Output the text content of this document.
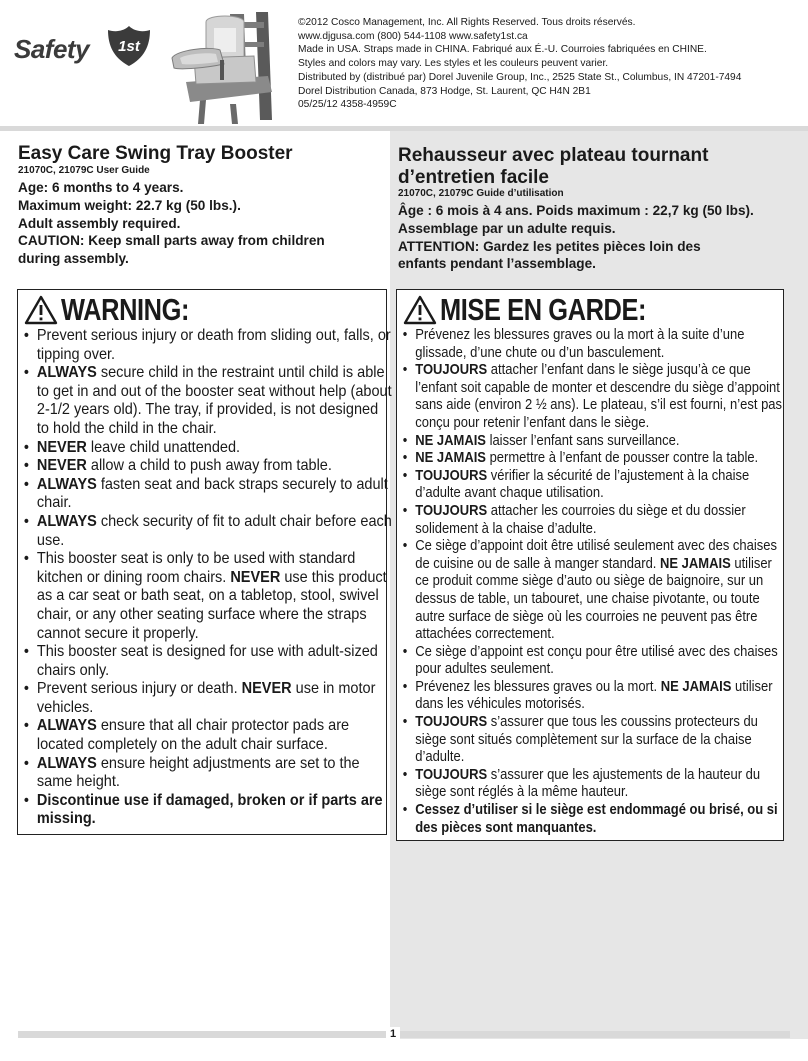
Safety 1st
©2012 Cosco Management, Inc. All Rights Reserved. Tous droits réservés.
www.djgusa.com (800) 544-1108 www.safety1st.ca
Made in USA. Straps made in CHINA. Fabriqué aux É.-U. Courroies fabriquées en CHINE.
Styles and colors may vary. Les styles et les couleurs peuvent varier.
Distributed by (distribué par) Dorel Juvenile Group, Inc., 2525 State St., Columbus, IN 47201-7494
Dorel Distribution Canada, 873 Hodge, St. Laurent, QC H4N 2B1
05/25/12 4358-4959C
Easy Care Swing Tray Booster
21070C, 21079C User Guide
Age: 6 months to 4 years.
Maximum weight: 22.7 kg (50 lbs.).
Adult assembly required.
CAUTION: Keep small parts away from children
during assembly.
Rehausseur avec plateau tournant d’entretien facile
21070C, 21079C Guide d’utilisation
Âge : 6 mois à 4 ans. Poids maximum : 22,7 kg (50 lbs).
Assemblage par un adulte requis.
ATTENTION: Gardez les petites pièces loin des
enfants pendant l’assemblage.
WARNING:
• Prevent serious injury or death from sliding out, falls, or tipping over.
• ALWAYS secure child in the restraint until child is able to get in and out of the booster seat without help (about 2-1/2 years old). The tray, if provided, is not designed to hold the child in the chair.
• NEVER leave child unattended.
• NEVER allow a child to push away from table.
• ALWAYS fasten seat and back straps securely to adult chair.
• ALWAYS check security of fit to adult chair before each use.
• This booster seat is only to be used with standard kitchen or dining room chairs. NEVER use this product as a car seat or bath seat, on a tabletop, stool, swivel chair, or any other seating surface where the straps cannot secure it properly.
• This booster seat is designed for use with adult-sized chairs only.
• Prevent serious injury or death. NEVER use in motor vehicles.
• ALWAYS ensure that all chair protector pads are located completely on the adult chair surface.
• ALWAYS ensure height adjustments are set to the same height.
• Discontinue use if damaged, broken or if parts are missing.
MISE EN GARDE:
• Prévenez les blessures graves ou la mort à la suite d’une glissade, d’une chute ou d’un basculement.
• TOUJOURS attacher l’enfant dans le siège jusqu’à ce que l’enfant soit capable de monter et descendre du siège d’appoint sans aide (environ 2 ½ ans). Le plateau, s’il est fourni, n’est pas conçu pour retenir l’enfant dans le siège.
• NE JAMAIS laisser l’enfant sans surveillance.
• NE JAMAIS permettre à l’enfant de pousser contre la table.
• TOUJOURS vérifier la sécurité de l’ajustement à la chaise d’adulte avant chaque utilisation.
• TOUJOURS attacher les courroies du siège et du dossier solidement à la chaise d’adulte.
• Ce siège d’appoint doit être utilisé seulement avec des chaises de cuisine ou de salle à manger standard. NE JAMAIS utiliser ce produit comme siège d’auto ou siège de baignoire, sur un dessus de table, un tabouret, une chaise pivotante, ou toute autre surface de siège où les courroies ne peuvent pas être attachées correctement.
• Ce siège d’appoint est conçu pour être utilisé avec des chaises pour adultes seulement.
• Prévenez les blessures graves ou la mort. NE JAMAIS utiliser dans les véhicules motorisés.
• TOUJOURS s’assurer que tous les coussins protecteurs du siège sont situés complètement sur la surface de la chaise d’adulte.
• TOUJOURS s’assurer que les ajustements de la hauteur du siège sont réglés à la même hauteur.
• Cessez d’utiliser si le siège est endommagé ou brisé, ou si des pièces sont manquantes.
1
